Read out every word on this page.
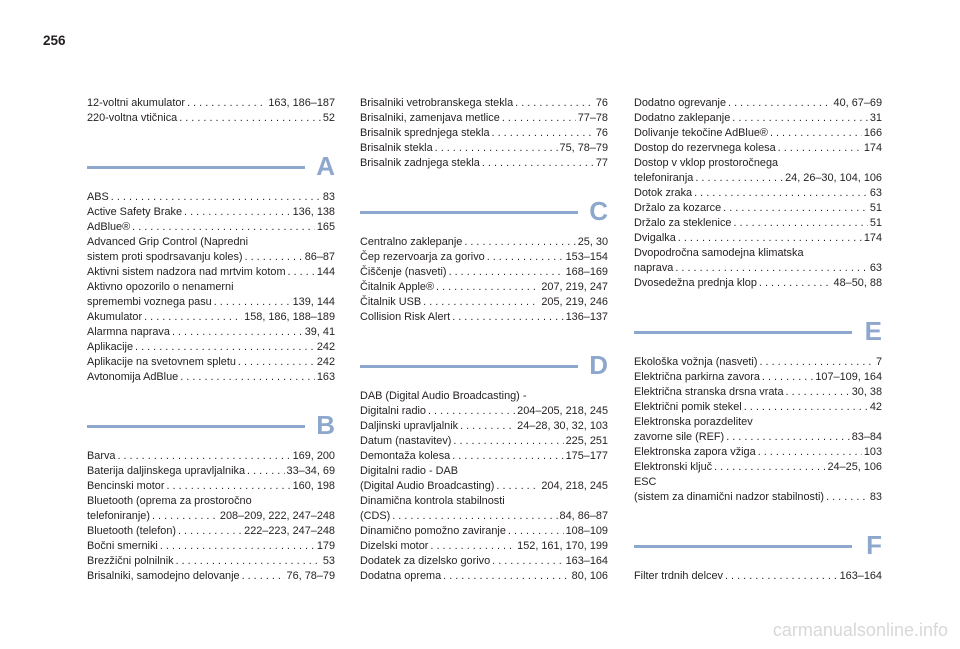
256
12-voltni akumulator . . .	163, 186–187
220-voltna vtičnica . . .	52
A
ABS . . .	83
Active Safety Brake . . .	136, 138
AdBlue® . . .	165
Advanced Grip Control (Napredni
sistem proti spodrsavanju koles) . . .	86–87
Aktivni sistem nadzora nad mrtvim kotom . . .	144
Aktivno opozorilo o nenamerni
spremembi voznega pasu . . .	139, 144
Akumulator . . .	158, 186, 188–189
Alarmna naprava . . .	39, 41
Aplikacije . . .	242
Aplikacije na svetovnem spletu . . .	242
Avtonomija AdBlue . . .	163
B
Barva . . .	169, 200
Baterija daljinskega upravljalnika . . .	33–34, 69
Bencinski motor . . .	160, 198
Bluetooth (oprema za prostoročno
telefoniranje) . . .	208–209, 222, 247–248
Bluetooth (telefon) . . .	222–223, 247–248
Bočni smerniki . . .	179
Brezžični polnilnik . . .	53
Brisalniki, samodejno delovanje . . .	76, 78–79
Brisalniki vetrobranskega stekla . . .	76
Brisalniki, zamenjava metlice . . .	77–78
Brisalnik sprednjega stekla . . .	76
Brisalnik stekla . . .	75, 78–79
Brisalnik zadnjega stekla . . .	77
C
Centralno zaklepanje . . .	25, 30
Čep rezervoarja za gorivo . . .	153–154
Čiščenje (nasveti) . . .	168–169
Čitalnik Apple® . . .	207, 219, 247
Čitalnik USB . . .	205, 219, 246
Collision Risk Alert . . .	136–137
D
DAB (Digital Audio Broadcasting) -
Digitalni radio . . .	204–205, 218, 245
Daljinski upravljalnik . . .	24–28, 30, 32, 103
Datum (nastavitev) . . .	225, 251
Demontaža kolesa . . .	175–177
Digitalni radio - DAB
(Digital Audio Broadcasting) . . .	204, 218, 245
Dinamična kontrola stabilnosti
(CDS) . . .	84, 86–87
Dinamično pomožno zaviranje . . .	108–109
Dizelski motor . . .	152, 161, 170, 199
Dodatek za dizelsko gorivo . . .	163–164
Dodatna oprema . . .	80, 106
Dodatno ogrevanje . . .	40, 67–69
Dodatno zaklepanje . . .	31
Dolivanje tekočine AdBlue® . . .	166
Dostop do rezervnega kolesa . . .	174
Dostop v vklop prostoročnega
telefoniranja . . .	24, 26–30, 104, 106
Dotok zraka . . .	63
Držalo za kozarce . . .	51
Držalo za steklenice . . .	51
Dvigalka . . .	174
Dvopodročna samodejna klimatska
naprava . . .	63
Dvosedežna prednja klop . . .	48–50, 88
E
Ekološka vožnja (nasveti) . . .	7
Električna parkirna zavora . . .	107–109, 164
Električna stranska drsna vrata . . .	30, 38
Električni pomik stekel . . .	42
Elektronska porazdelitev
zavorne sile (REF) . . .	83–84
Elektronska zapora vžiga . . .	103
Elektronski ključ . . .	24–25, 106
ESC
(sistem za dinamični nadzor stabilnosti) . . .	83
F
Filter trdnih delcev . . .	163–164
carmanualsonline.info
